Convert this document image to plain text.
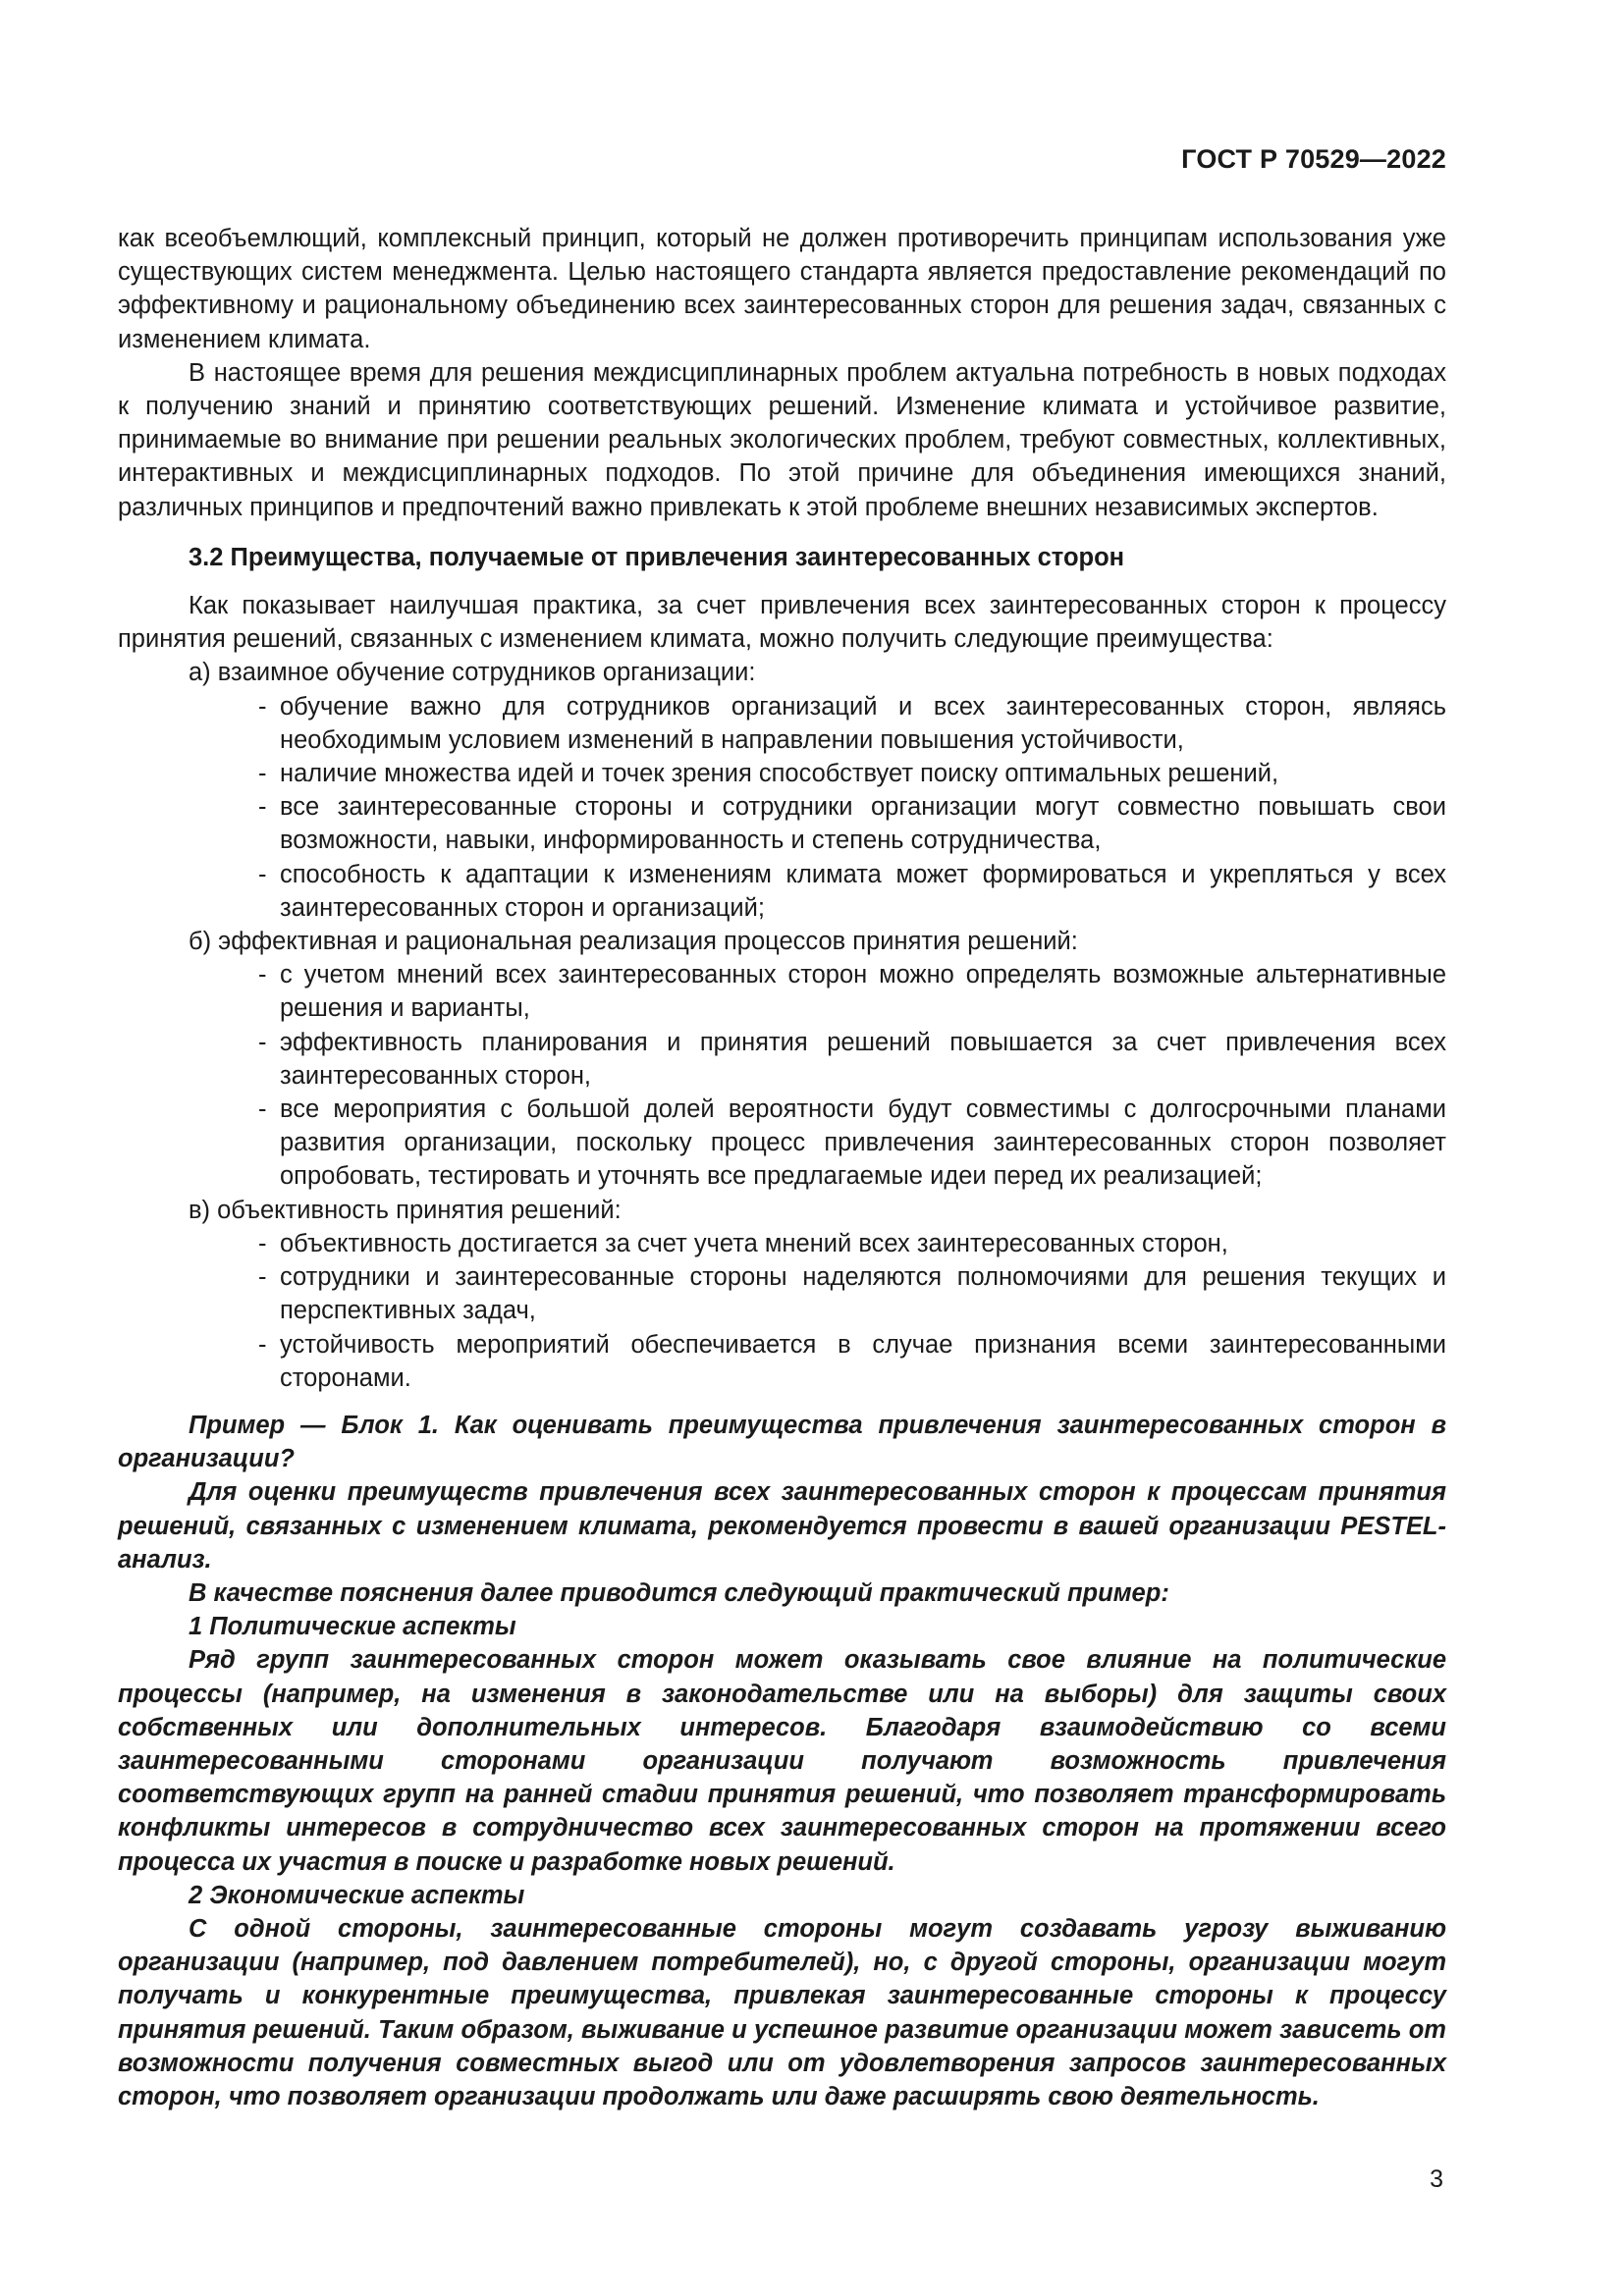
ГОСТ Р 70529—2022

как всеобъемлющий, комплексный принцип, который не должен противоречить принципам использования уже существующих систем менеджмента. Целью настоящего стандарта является предоставление рекомендаций по эффективному и рациональному объединению всех заинтересованных сторон для решения задач, связанных с изменением климата.

В настоящее время для решения междисциплинарных проблем актуальна потребность в новых подходах к получению знаний и принятию соответствующих решений. Изменение климата и устойчивое развитие, принимаемые во внимание при решении реальных экологических проблем, требуют совместных, коллективных, интерактивных и междисциплинарных подходов. По этой причине для объединения имеющихся знаний, различных принципов и предпочтений важно привлекать к этой проблеме внешних независимых экспертов.

3.2 Преимущества, получаемые от привлечения заинтересованных сторон

Как показывает наилучшая практика, за счет привлечения всех заинтересованных сторон к процессу принятия решений, связанных с изменением климата, можно получить следующие преимущества:

а) взаимное обучение сотрудников организации:

- обучение важно для сотрудников организаций и всех заинтересованных сторон, являясь необходимым условием изменений в направлении повышения устойчивости,

- наличие множества идей и точек зрения способствует поиску оптимальных решений,

- все заинтересованные стороны и сотрудники организации могут совместно повышать свои возможности, навыки, информированность и степень сотрудничества,

- способность к адаптации к изменениям климата может формироваться и укрепляться у всех заинтересованных сторон и организаций;

б) эффективная и рациональная реализация процессов принятия решений:

- с учетом мнений всех заинтересованных сторон можно определять возможные альтернативные решения и варианты,

- эффективность планирования и принятия решений повышается за счет привлечения всех заинтересованных сторон,

- все мероприятия с большой долей вероятности будут совместимы с долгосрочными планами развития организации, поскольку процесс привлечения заинтересованных сторон позволяет опробовать, тестировать и уточнять все предлагаемые идеи перед их реализацией;

в) объективность принятия решений:

- объективность достигается за счет учета мнений всех заинтересованных сторон,

- сотрудники и заинтересованные стороны наделяются полномочиями для решения текущих и перспективных задач,

- устойчивость мероприятий обеспечивается в случае признания всеми заинтересованными сторонами.

Пример — Блок 1. Как оценивать преимущества привлечения заинтересованных сторон в организации?

Для оценки преимуществ привлечения всех заинтересованных сторон к процессам принятия решений, связанных с изменением климата, рекомендуется провести в вашей организации PESTEL-анализ.

В качестве пояснения далее приводится следующий практический пример:

1 Политические аспекты

Ряд групп заинтересованных сторон может оказывать свое влияние на политические процессы (например, на изменения в законодательстве или на выборы) для защиты своих собственных или дополнительных интересов. Благодаря взаимодействию со всеми заинтересованными сторонами организации получают возможность привлечения соответствующих групп на ранней стадии принятия решений, что позволяет трансформировать конфликты интересов в сотрудничество всех заинтересованных сторон на протяжении всего процесса их участия в поиске и разработке новых решений.

2 Экономические аспекты

С одной стороны, заинтересованные стороны могут создавать угрозу выживанию организации (например, под давлением потребителей), но, с другой стороны, организации могут получать и конкурентные преимущества, привлекая заинтересованные стороны к процессу принятия решений. Таким образом, выживание и успешное развитие организации может зависеть от возможности получения совместных выгод или от удовлетворения запросов заинтересованных сторон, что позволяет организации продолжать или даже расширять свою деятельность.

3
